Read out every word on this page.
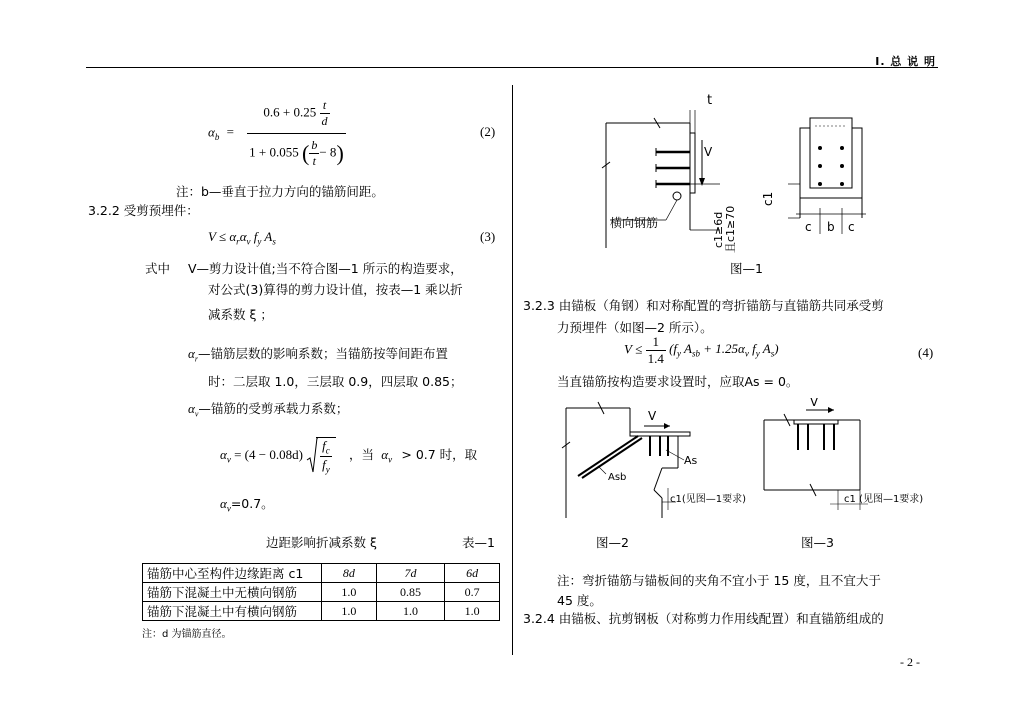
I. 总 说 明
$\alpha_b = \frac{0.6 + 0.25 \frac{t}{d}}{1 + 0.055 ( \frac{b}{t} - 8)}$	(2)
注：b—垂直于拉力方向的锚筋间距。
3.2.2 受剪预埋件：
$V \le \alpha_r\alpha_v$ $f_y$ $A_s$	(3)
式中 V—剪力设计值;当不符合图—1 所示的构造要求，
对公式(3)算得的剪力设计值，按表—1 乘以折
减系数 ξ ；
$\alpha_r—$锚筋层数的影响系数；当锚筋按等间距布置
时：二层取 1.0，三层取 0.9，四层取 0.85；
$\alpha_v—$锚筋的受剪承载力系数；
$\alpha_v = (4 - 0.08d) \frac{f_c}{f_y}$ ，当 $\alpha_v > 0.7$ 时，取
$\alpha_v=0.7$。
边距影响折减系数 ξ	表—1
锚筋中心至构件边缘距离 c1	8d	7d	6d
锚筋下混凝土中无横向钢筋	1.0	0.85	0.7
锚筋下混凝土中有横向钢筋	1.0	1.0	1.0
注：d 为锚筋直径。
t
V
横向钢筋	c1≥6d 且c1≥70
c1
c b c
图—1
3.2.3 由锚板（角钢）和对称配置的弯折锚筋与直锚筋共同承受剪
力预埋件（如图—2 所示）。
$V \le \frac{1}{1.4} (f_y$ $A_{sb} + 1.25\alpha_v$ $f_y$ $A_s$)	(4)
当直锚筋按构造要求设置时，应取As = 0。
V
As
Asb
c1(见图—1要求)
图—2
V
c1 (见图—1要求)
图—3
注：弯折锚筋与锚板间的夹角不宜小于 15 度，且不宜大于
45 度。
3.2.4 由锚板、抗剪钢板（对称剪力作用线配置）和直锚筋组成的
- 2 -
